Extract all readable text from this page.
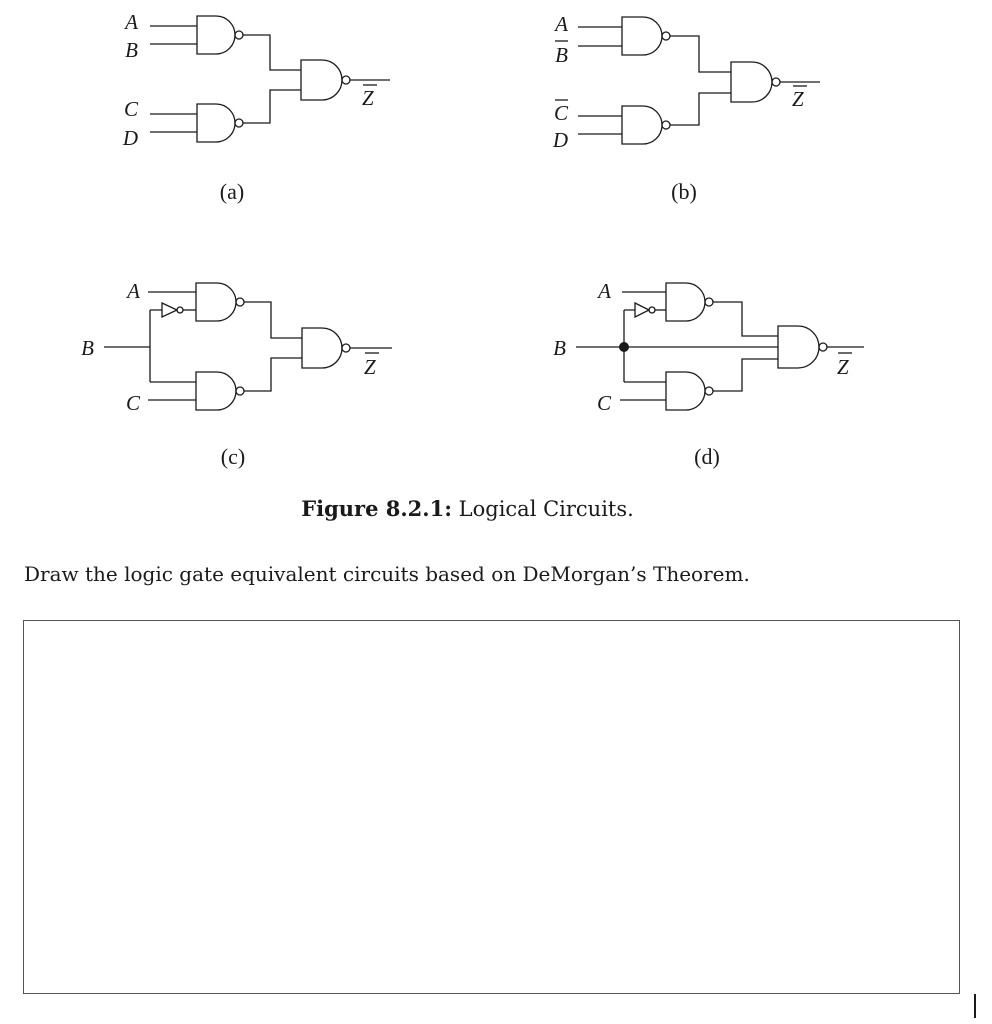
A
B
C
D
Z
(a)
A
B
C
D
Z
(b)
A
B
C
Z
(c)
A
B
C
Z
(d)
Figure 8.2.1: Logical Circuits.
Draw the logic gate equivalent circuits based on DeMorgan’s Theorem.
